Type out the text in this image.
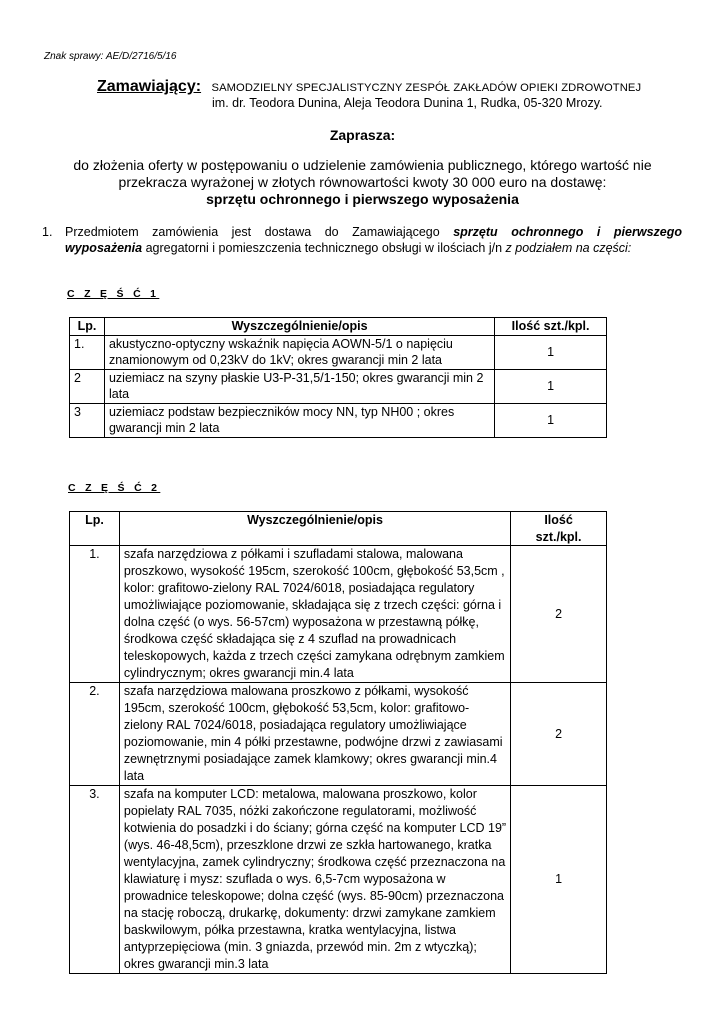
Znak sprawy: AE/D/2716/5/16
Zamawiający: SAMODZIELNY SPECJALISTYCZNY ZESPÓŁ ZAKŁADÓW OPIEKI ZDROWOTNEJ
im. dr. Teodora Dunina, Aleja Teodora Dunina 1, Rudka, 05-320 Mrozy.
Zaprasza:
do złożenia oferty w postępowaniu o udzielenie zamówienia publicznego, którego wartość nie
przekracza wyrażonej w złotych równowartości kwoty 30 000 euro na dostawę:
sprzętu ochronnego i pierwszego wyposażenia
1. Przedmiotem zamówienia jest dostawa do Zamawiającego sprzętu ochronnego i pierwszego
wyposażenia agregatorni i pomieszczenia technicznego obsługi w ilościach j/n z podziałem na części:
C Z Ę Ś Ć 1
Lp.	Wyszczególnienie/opis	Ilość szt./kpl.
1.	akustyczno-optyczny wskaźnik napięcia AOWN-5/1 o napięciu znamionowym od 0,23kV do 1kV; okres gwarancji min 2 lata	1
2	uziemiacz na szyny płaskie U3-P-31,5/1-150; okres gwarancji min 2 lata	1
3	uziemiacz podstaw bezpieczników mocy NN, typ NH00 ; okres gwarancji min 2 lata	1
C Z Ę Ś Ć 2
Lp.	Wyszczególnienie/opis	Ilość
szt./kpl.
1.	szafa narzędziowa z półkami i szufladami stalowa, malowana proszkowo, wysokość 195cm, szerokość 100cm, głębokość 53,5cm , kolor: grafitowo-zielony RAL 7024/6018, posiadająca regulatory umożliwiające poziomowanie, składająca się z trzech części: górna i dolna część (o wys. 56-57cm) wyposażona w przestawną półkę, środkowa część składająca się z 4 szuflad na prowadnicach teleskopowych, każda z trzech części zamykana odrębnym zamkiem cylindrycznym; okres gwarancji min.4 lata	2
2.	szafa narzędziowa malowana proszkowo z półkami, wysokość 195cm, szerokość 100cm, głębokość 53,5cm, kolor: grafitowo-zielony RAL 7024/6018, posiadająca regulatory umożliwiające poziomowanie, min 4 półki przestawne, podwójne drzwi z zawiasami zewnętrznymi posiadające zamek klamkowy; okres gwarancji min.4 lata	2
3.	szafa na komputer LCD: metalowa, malowana proszkowo, kolor popielaty RAL 7035, nóżki zakończone regulatorami, możliwość kotwienia do posadzki i do ściany; górna część na komputer LCD 19” (wys. 46-48,5cm), przeszklone drzwi ze szkła hartowanego, kratka wentylacyjna, zamek cylindryczny; środkowa część przeznaczona na klawiaturę i mysz: szuflada o wys. 6,5-7cm wyposażona w prowadnice teleskopowe; dolna część (wys. 85-90cm) przeznaczona na stację roboczą, drukarkę, dokumenty: drzwi zamykane zamkiem baskwilowym, półka przestawna, kratka wentylacyjna, listwa antyprzepięciowa (min. 3 gniazda, przewód min. 2m z wtyczką); okres gwarancji min.3 lata	1
